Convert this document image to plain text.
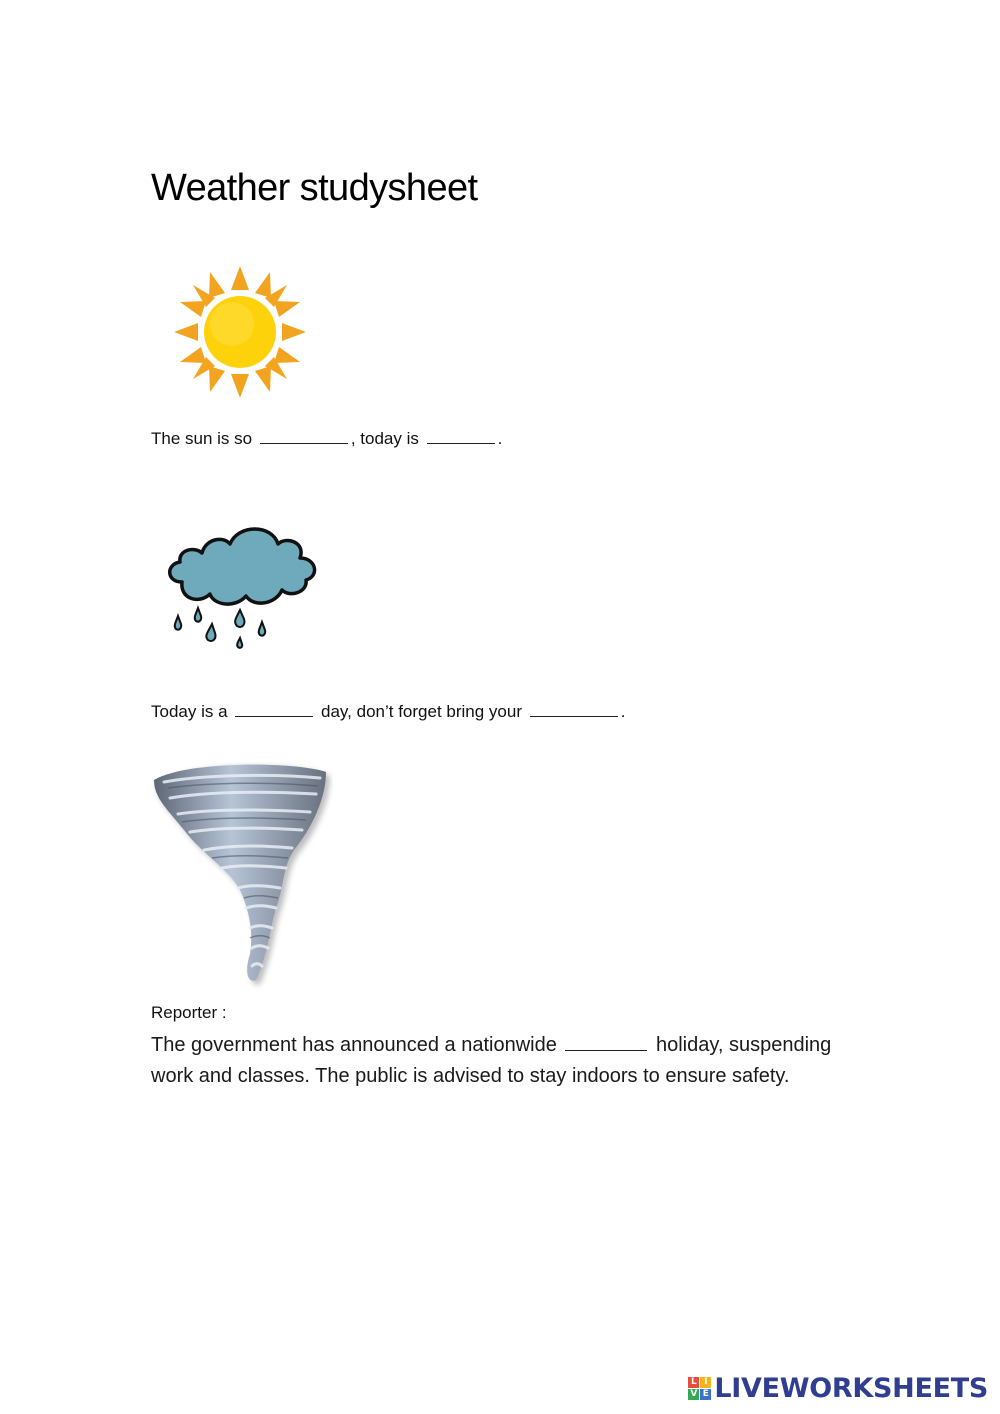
Weather studysheet
The sun is so	, today is	.
Today is a	day, don’t forget bring your	.
Reporter :
The government has announced a nationwide	holiday, suspending work and classes. The public is advised to stay indoors to ensure safety.
L I
V E LIVEWORKSHEETS
